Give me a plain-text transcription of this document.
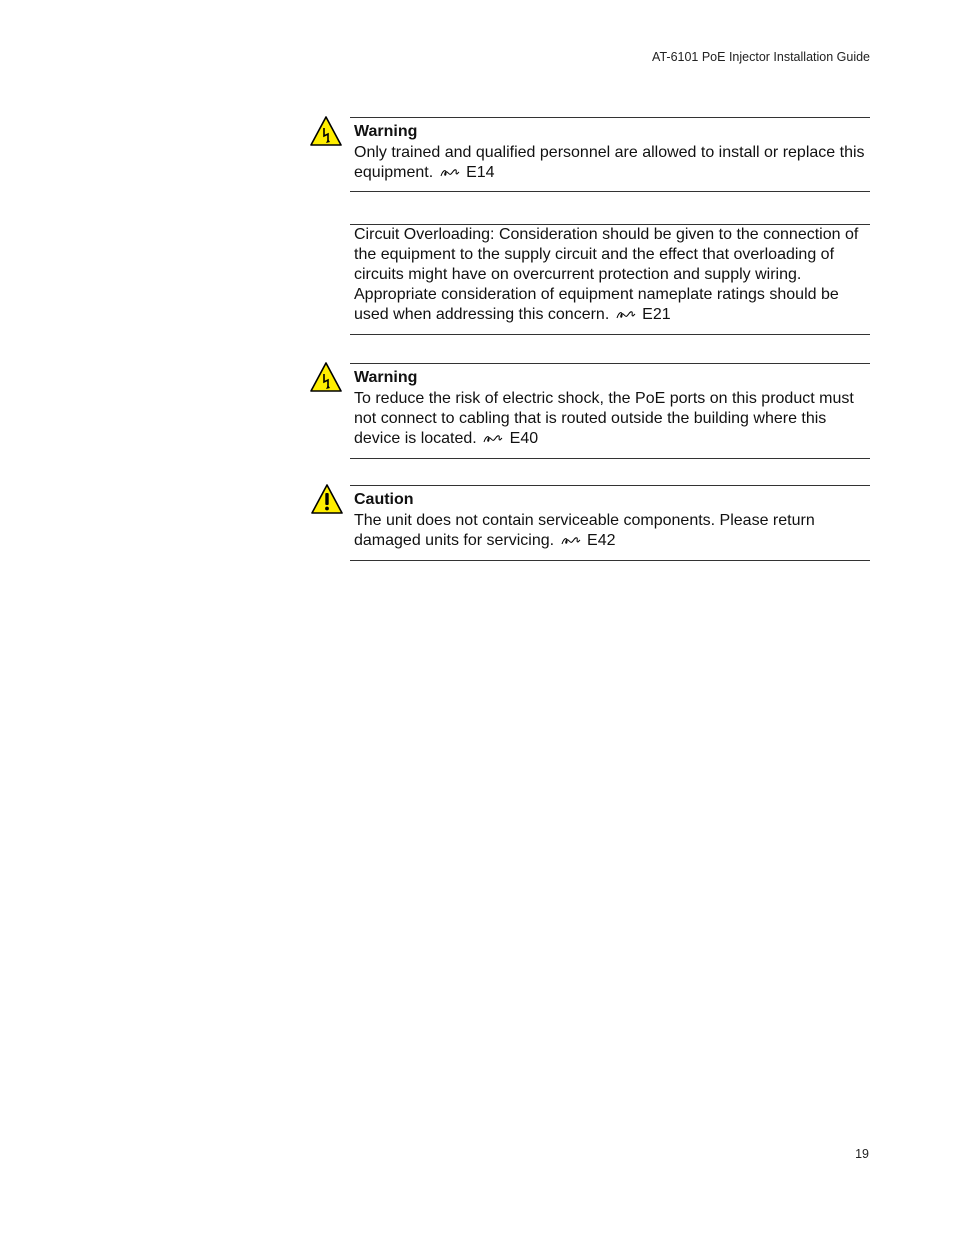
AT-6101 PoE Injector Installation Guide
Warning
Only trained and qualified personnel are allowed to install or replace this equipment. E14
Circuit Overloading: Consideration should be given to the connection of the equipment to the supply circuit and the effect that overloading of circuits might have on overcurrent protection and supply wiring. Appropriate consideration of equipment nameplate ratings should be used when addressing this concern. E21
Warning
To reduce the risk of electric shock, the PoE ports on this product must not connect to cabling that is routed outside the building where this device is located. E40
Caution
The unit does not contain serviceable components. Please return damaged units for servicing. E42
19
